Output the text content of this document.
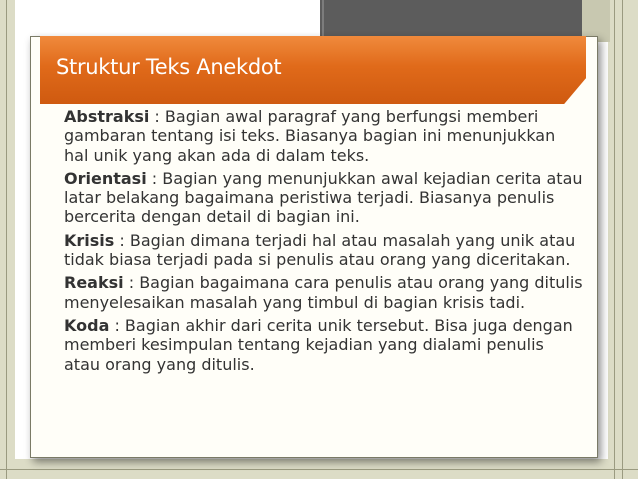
Struktur Teks Anekdot
Abstraksi : Bagian awal paragraf yang berfungsi memberi gambaran tentang isi teks. Biasanya bagian ini menunjukkan hal unik yang akan ada di dalam teks.
Orientasi : Bagian yang menunjukkan awal kejadian cerita atau latar belakang bagaimana peristiwa terjadi. Biasanya penulis bercerita dengan detail di bagian ini.
Krisis : Bagian dimana terjadi hal atau masalah yang unik atau tidak biasa terjadi pada si penulis atau orang yang diceritakan.
Reaksi : Bagian bagaimana cara penulis atau orang yang ditulis menyelesaikan masalah yang timbul di bagian krisis tadi.
Koda : Bagian akhir dari cerita unik tersebut. Bisa juga dengan memberi kesimpulan tentang kejadian yang dialami penulis atau orang yang ditulis.
